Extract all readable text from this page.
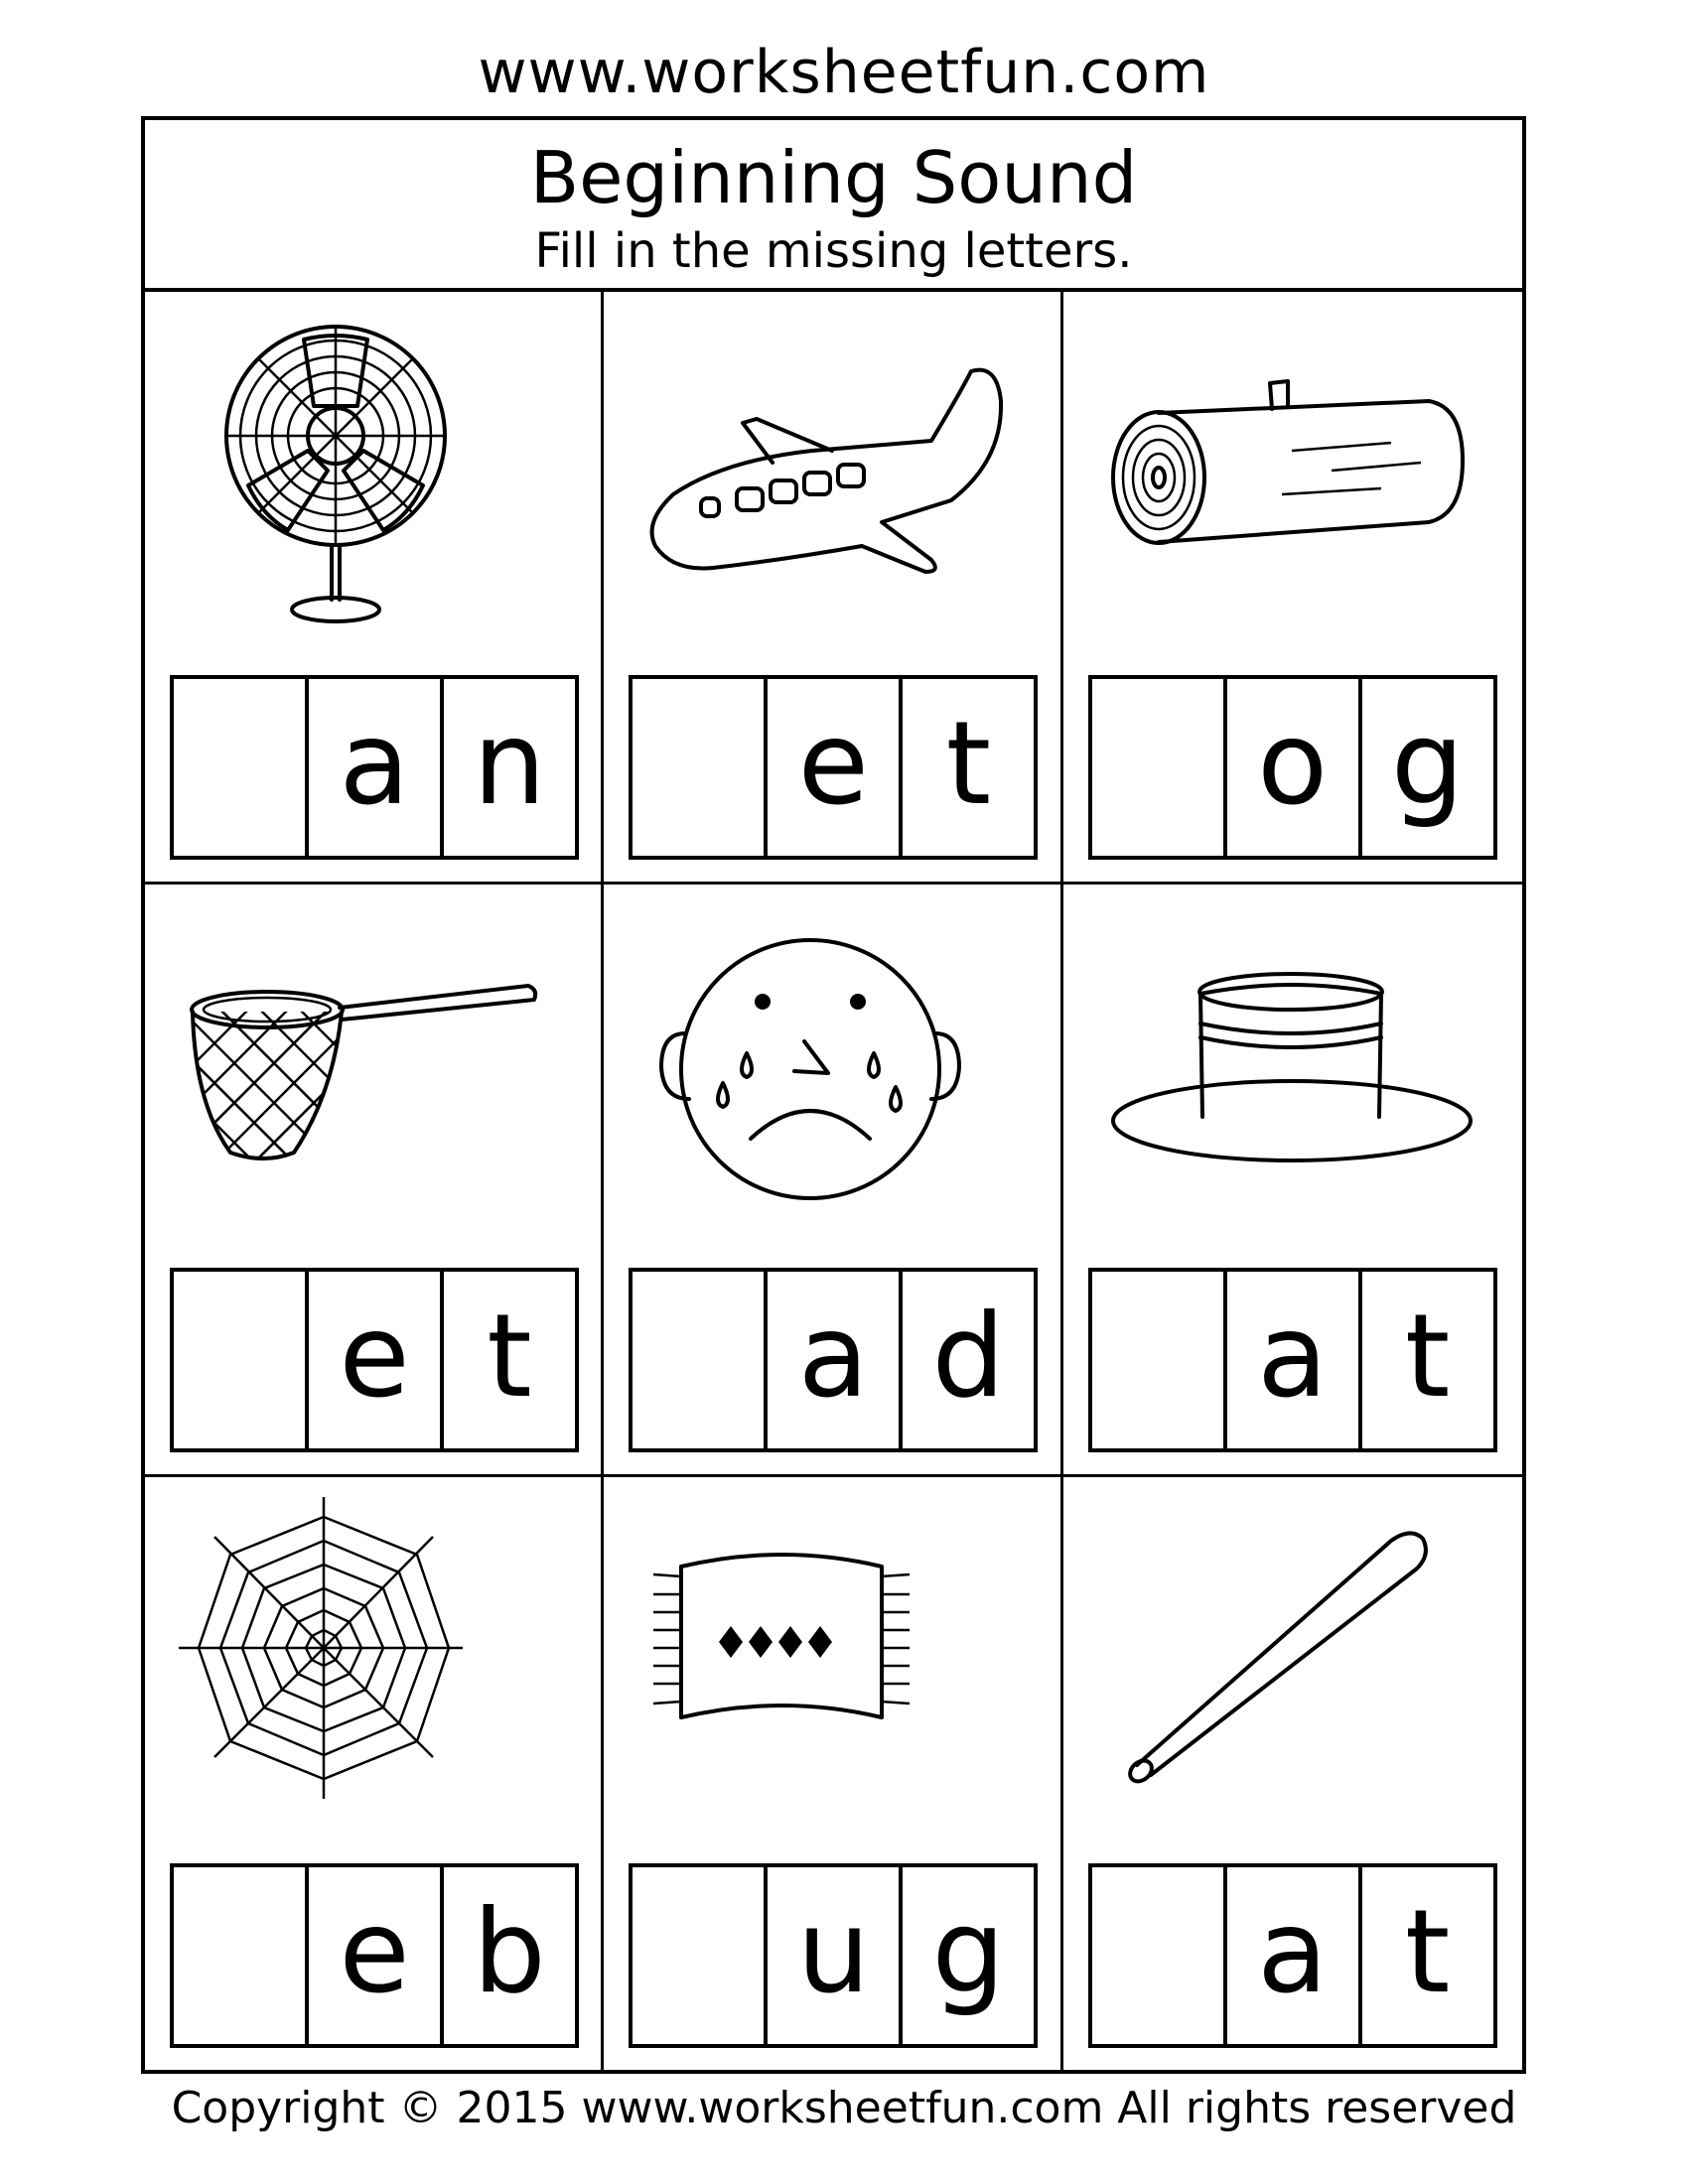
www.worksheetfun.com
Beginning Sound
Fill in the missing letters.
a n e t	o g
e t	a d a t
e b u g a t
Copyright © 2015 www.worksheetfun.com All rights reserved
